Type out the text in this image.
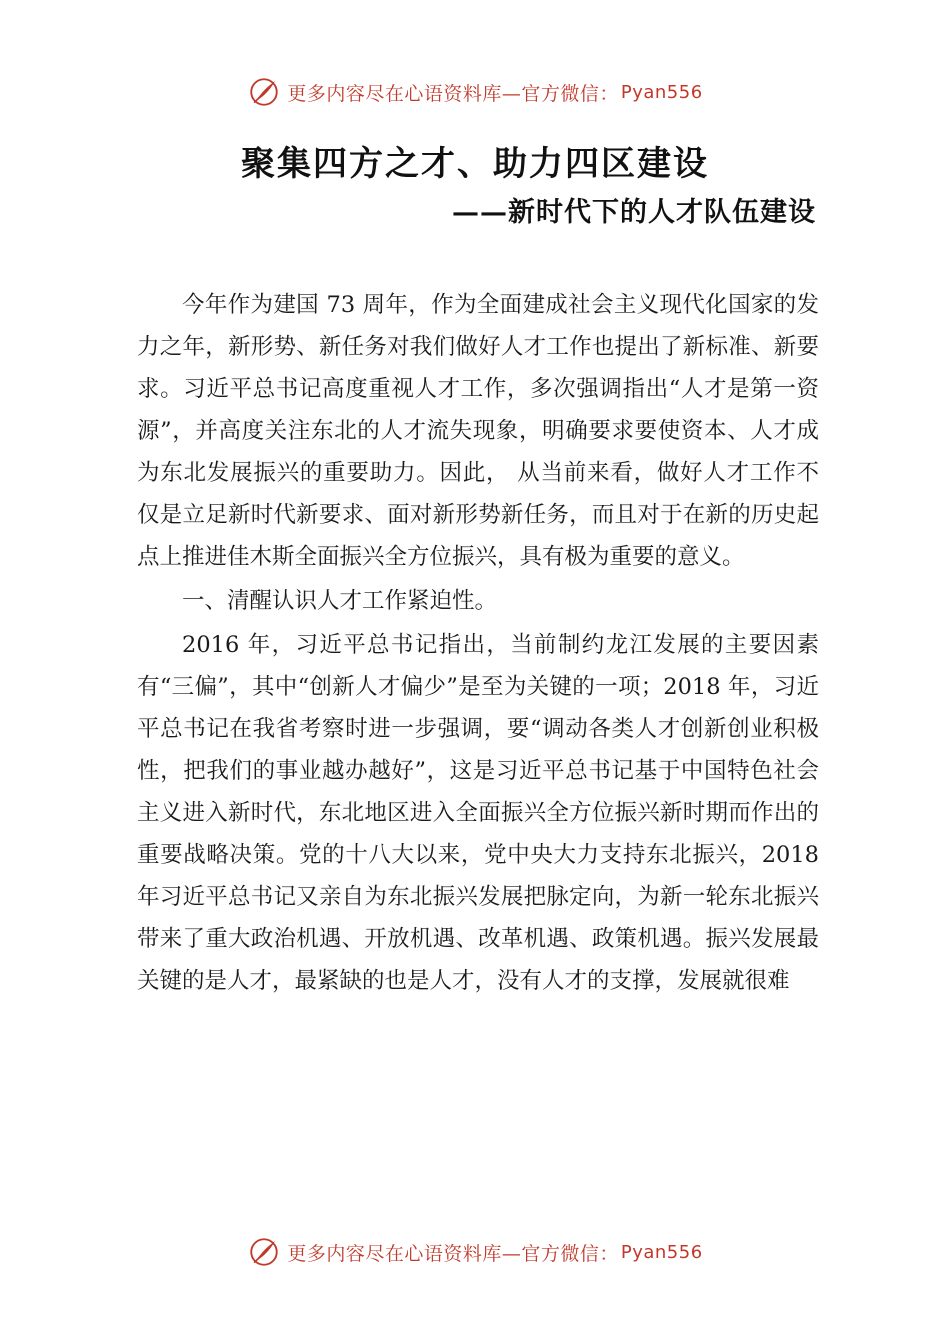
更多内容尽在心语资料库—官方微信： Pyan556
聚集四方之才、助力四区建设
——新时代下的人才队伍建设

今年作为建国 73 周年，作为全面建成社会主义现代化国家的发力之年，新形势、新任务对我们做好人才工作也提出了新标准、新要求。习近平总书记高度重视人才工作，多次强调指出“人才是第一资源”，并高度关注东北的人才流失现象，明确要求要使资本、人才成为东北发展振兴的重要助力。因此， 从当前来看，做好人才工作不仅是立足新时代新要求、面对新形势新任务，而且对于在新的历史起点上推进佳木斯全面振兴全方位振兴，具有极为重要的意义。

一、清醒认识人才工作紧迫性。

2016 年，习近平总书记指出，当前制约龙江发展的主要因素有“三偏”，其中“创新人才偏少”是至为关键的一项；2018 年，习近平总书记在我省考察时进一步强调，要“调动各类人才创新创业积极性，把我们的事业越办越好”，这是习近平总书记基于中国特色社会主义进入新时代，东北地区进入全面振兴全方位振兴新时期而作出的重要战略决策。党的十八大以来，党中央大力支持东北振兴，2018 年习近平总书记又亲自为东北振兴发展把脉定向，为新一轮东北振兴带来了重大政治机遇、开放机遇、改革机遇、政策机遇。振兴发展最关键的是人才，最紧缺的也是人才，没有人才的支撑，发展就很难

更多内容尽在心语资料库—官方微信： Pyan556
